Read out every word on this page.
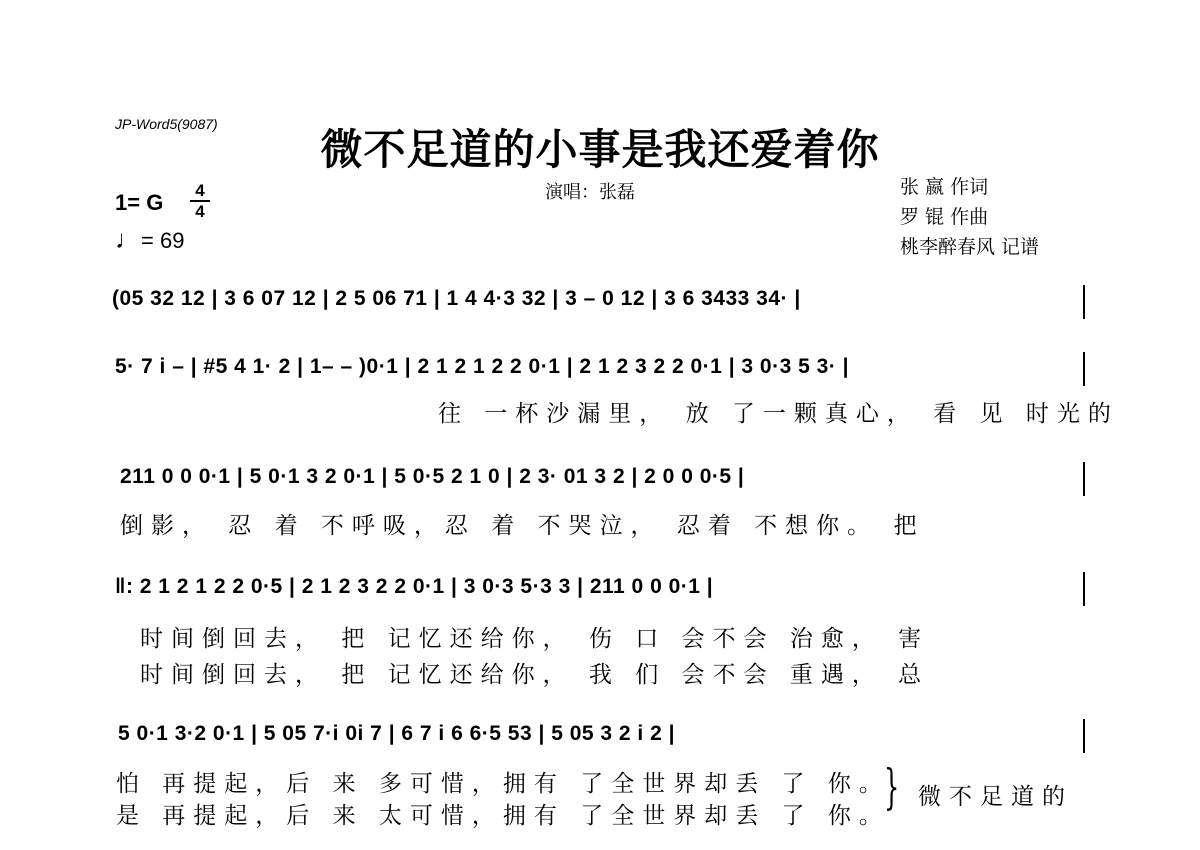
JP-Word5(9087)
微不足道的小事是我还爱着你
演唱：张磊	张 嬴 作词
罗 锟 作曲
桃李醉春风 记谱
1= G	4
4
♩= 69
(05 32 12 | 3 6 07 12 | 2 5 06 71 | 1 4 4·3 32 | 3 – 0 12 | 3 6 3433 34· |
5· 7 i – | #5 4 1· 2 | 1– – )0·1 | 2 1 2 1 2 2 0·1 | 2 1 2 3 2 2 0·1 | 3 0·3 5 3· |
往 一杯沙漏里， 放 了一颗真心， 看 见 时光的
211 0 0 0·1 | 5 0·1 3 2 0·1 | 5 0·5 2 1 0 | 2 3· 01 3 2 | 2 0 0 0·5 |
倒影， 忍 着 不呼吸，忍 着 不哭泣， 忍着 不想你。 把
‖: 2 1 2 1 2 2 0·5 | 2 1 2 3 2 2 0·1 | 3 0·3 5·3 3 | 211 0 0 0·1 |
时间倒回去， 把 记忆还给你， 伤 口 会不会 治愈， 害
时间倒回去， 把 记忆还给你， 我 们 会不会 重遇， 总
5 0·1 3·2 0·1 | 5 05 7·i 0i 7 | 6 7 i 6 6·5 53 | 5 05 3 2 i 2 |
怕 再提起，后 来 多可惜，拥有 了全世界却丢 了 你。
是 再提起，后 来 太可惜，拥有 了全世界却丢 了 你。
} 微不足道的
